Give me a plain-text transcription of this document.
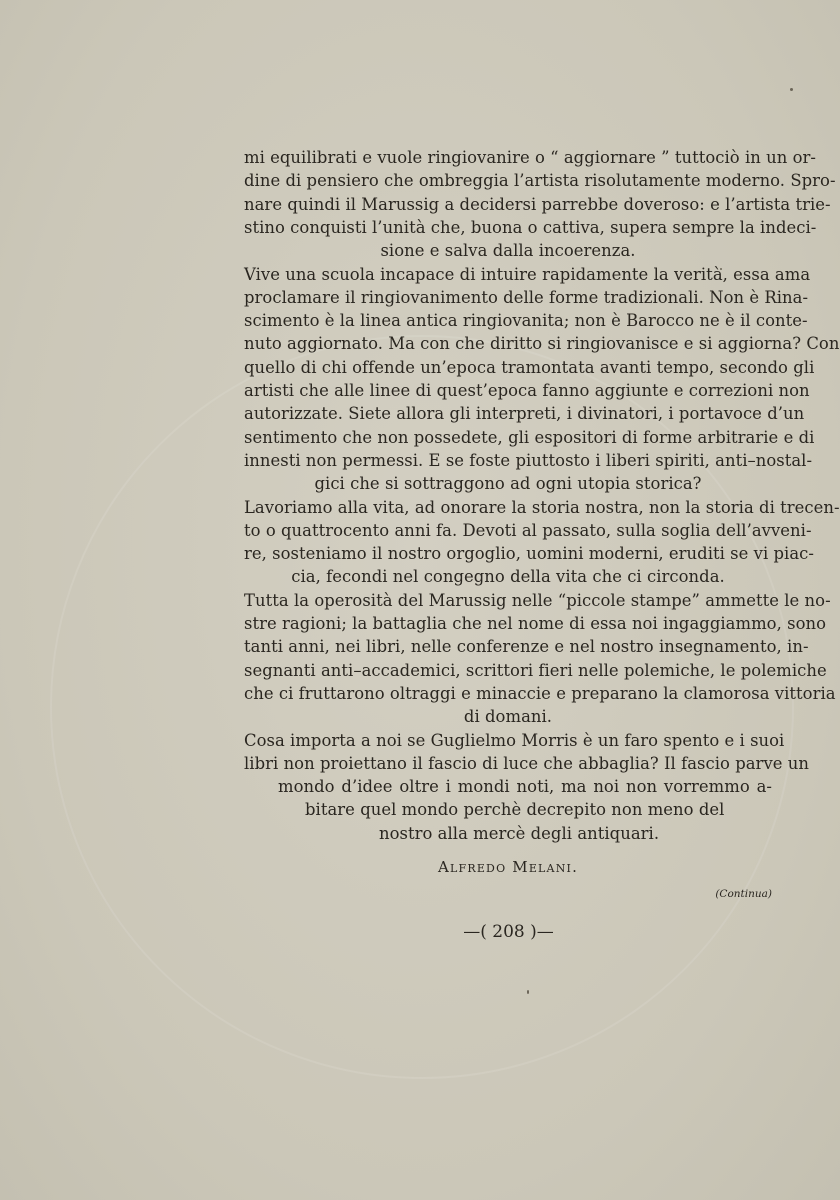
mi equilibrati e vuole ringiovanire o “ aggiornare ” tuttociò in un or-
dine di pensiero che ombreggia l’artista risolutamente moderno. Spro-
nare quindi il Marussig a decidersi parrebbe doveroso: e l’artista trie-
stino conquisti l’unità che, buona o cattiva, supera sempre la indeci-
sione e salva dalla incoerenza.
Vive una scuola incapace di intuire rapidamente la verità, essa ama
proclamare il ringiovanimento delle forme tradizionali. Non è Rina-
scimento è la linea antica ringiovanita; non è Barocco ne è il conte-
nuto aggiornato. Ma con che diritto si ringiovanisce e si aggiorna? Con
quello di chi offende un’epoca tramontata avanti tempo, secondo gli
artisti che alle linee di quest’epoca fanno aggiunte e correzioni non
autorizzate. Siete allora gli interpreti, i divinatori, i portavoce d’un
sentimento che non possedete, gli espositori di forme arbitrarie e di
innesti non permessi. E se foste piuttosto i liberi spiriti, anti–nostal-
gici che si sottraggono ad ogni utopia storica?
Lavoriamo alla vita, ad onorare la storia nostra, non la storia di trecen-
to o quattrocento anni fa. Devoti al passato, sulla soglia dell’avveni-
re, sosteniamo il nostro orgoglio, uomini moderni, eruditi se vi piac-
cia, fecondi nel congegno della vita che ci circonda.
Tutta la operosità del Marussig nelle “piccole stampe” ammette le no-
stre ragioni; la battaglia che nel nome di essa noi ingaggiammo, sono
tanti anni, nei libri, nelle conferenze e nel nostro insegnamento, in-
segnanti anti–accademici, scrittori fieri nelle polemiche, le polemiche
che ci fruttarono oltraggi e minaccie e preparano la clamorosa vittoria
di domani.
Cosa importa a noi se Guglielmo Morris è un faro spento e i suoi
libri non proiettano il fascio di luce che abbaglia? Il fascio parve un
mondo d’idee oltre i mondi noti, ma noi non vorremmo a-
bitare quel mondo perchè decrepito non meno del
nostro alla mercè degli antiquari.
Alfredo Melani.
(Continua)
—( 208 )—
